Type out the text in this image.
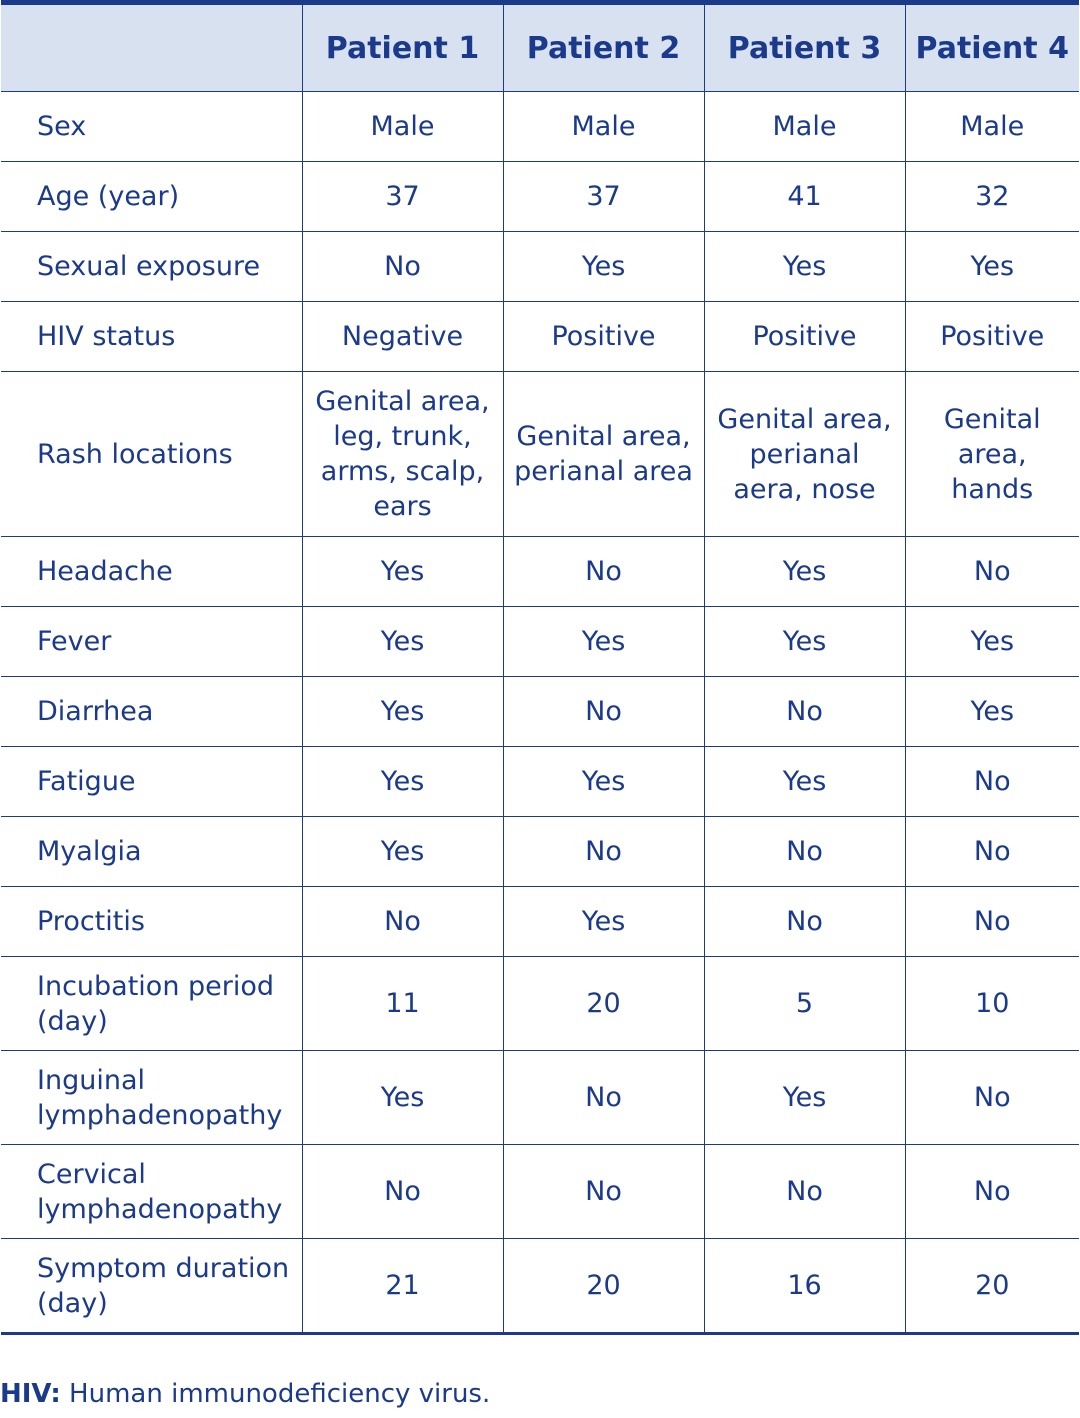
	Patient 1	Patient 2	Patient 3	Patient 4
Sex	Male	Male	Male	Male
Age (year)	37	37	41	32
Sexual exposure	No	Yes	Yes	Yes
HIV status	Negative	Positive	Positive	Positive
Rash locations	Genital area, leg, trunk, arms, scalp, ears	Genital area, perianal area	Genital area, perianal aera, nose	Genital area, hands
Headache	Yes	No	Yes	No
Fever	Yes	Yes	Yes	Yes
Diarrhea	Yes	No	No	Yes
Fatigue	Yes	Yes	Yes	No
Myalgia	Yes	No	No	No
Proctitis	No	Yes	No	No
Incubation period (day)	11	20	5	10
Inguinal lymphadenopathy	Yes	No	Yes	No
Cervical lymphadenopathy	No	No	No	No
Symptom duration (day)	21	20	16	20
HIV: Human immunodeficiency virus.
